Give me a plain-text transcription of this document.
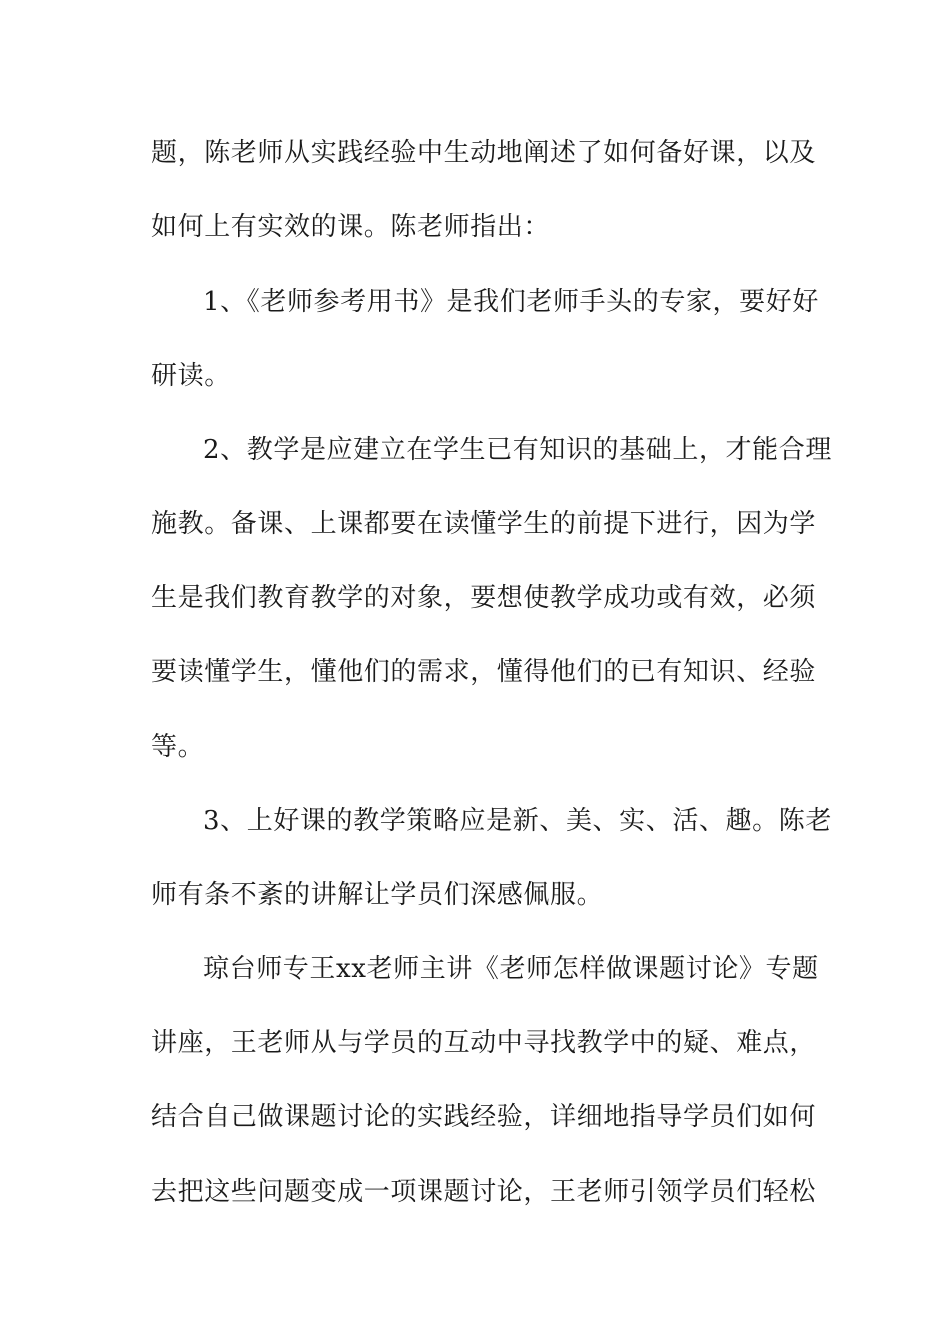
题，陈老师从实践经验中生动地阐述了如何备好课，以及
如何上有实效的课。陈老师指出：
1、《老师参考用书》是我们老师手头的专家，要好好
研读。
2、教学是应建立在学生已有知识的基础上，才能合理
施教。备课、上课都要在读懂学生的前提下进行，因为学
生是我们教育教学的对象，要想使教学成功或有效，必须
要读懂学生，懂他们的需求，懂得他们的已有知识、经验
等。
3、上好课的教学策略应是新、美、实、活、趣。陈老
师有条不紊的讲解让学员们深感佩服。
琼台师专王xx老师主讲《老师怎样做课题讨论》专题
讲座，王老师从与学员的互动中寻找教学中的疑、难点，
结合自己做课题讨论的实践经验，详细地指导学员们如何
去把这些问题变成一项课题讨论，王老师引领学员们轻松
